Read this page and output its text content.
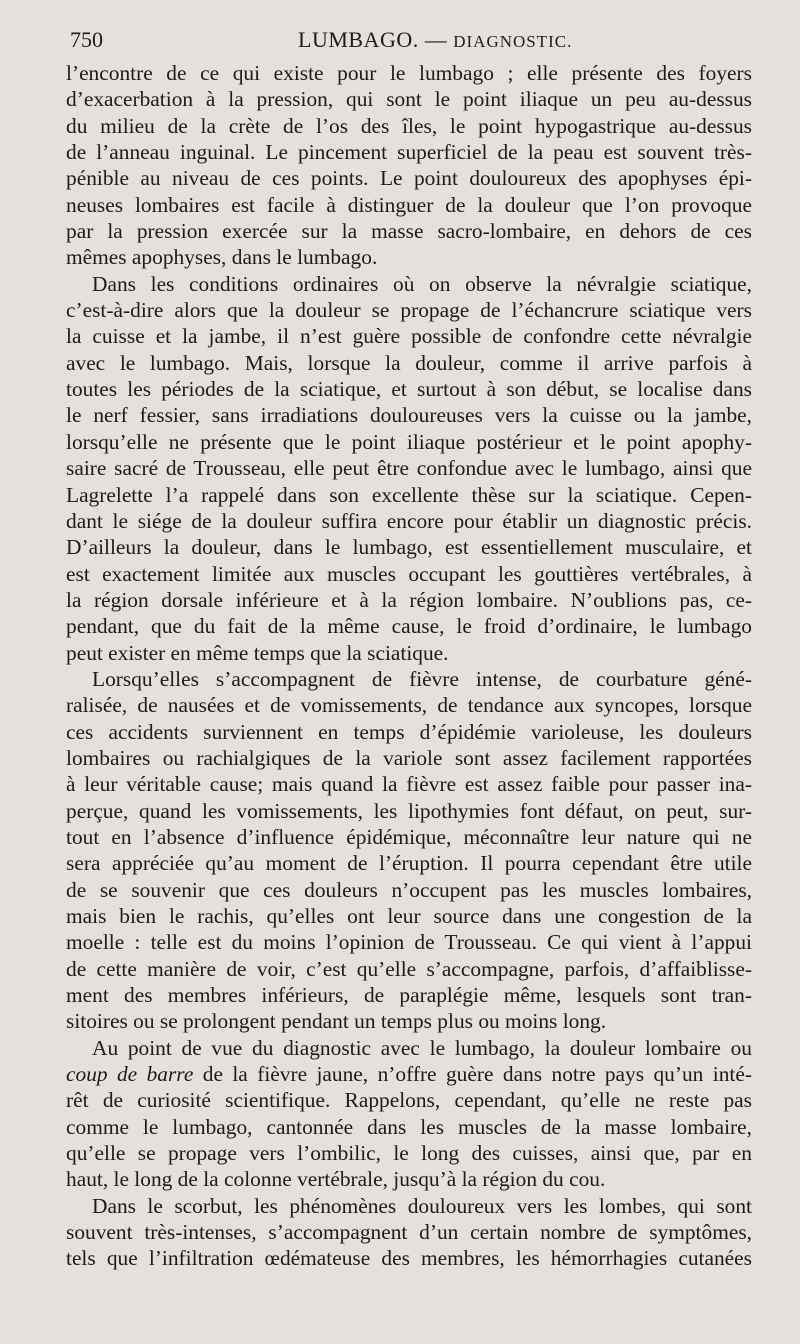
750	LUMBAGO. — DIAGNOSTIC.
l’encontre de ce qui existe pour le lumbago ; elle présente des foyers
d’exacerbation à la pression, qui sont le point iliaque un peu au-dessus
du milieu de la crète de l’os des îles, le point hypogastrique au-dessus
de l’anneau inguinal. Le pincement superficiel de la peau est souvent très-
pénible au niveau de ces points. Le point douloureux des apophyses épi-
neuses lombaires est facile à distinguer de la douleur que l’on provoque
par la pression exercée sur la masse sacro-lombaire, en dehors de ces
mêmes apophyses, dans le lumbago.
Dans les conditions ordinaires où on observe la névralgie sciatique,
c’est-à-dire alors que la douleur se propage de l’échancrure sciatique vers
la cuisse et la jambe, il n’est guère possible de confondre cette névralgie
avec le lumbago. Mais, lorsque la douleur, comme il arrive parfois à
toutes les périodes de la sciatique, et surtout à son début, se localise dans
le nerf fessier, sans irradiations douloureuses vers la cuisse ou la jambe,
lorsqu’elle ne présente que le point iliaque postérieur et le point apophy-
saire sacré de Trousseau, elle peut être confondue avec le lumbago, ainsi que
Lagrelette l’a rappelé dans son excellente thèse sur la sciatique. Cepen-
dant le siége de la douleur suffira encore pour établir un diagnostic précis.
D’ailleurs la douleur, dans le lumbago, est essentiellement musculaire, et
est exactement limitée aux muscles occupant les gouttières vertébrales, à
la région dorsale inférieure et à la région lombaire. N’oublions pas, ce-
pendant, que du fait de la même cause, le froid d’ordinaire, le lumbago
peut exister en même temps que la sciatique.
Lorsqu’elles s’accompagnent de fièvre intense, de courbature géné-
ralisée, de nausées et de vomissements, de tendance aux syncopes, lorsque
ces accidents surviennent en temps d’épidémie varioleuse, les douleurs
lombaires ou rachialgiques de la variole sont assez facilement rapportées
à leur véritable cause; mais quand la fièvre est assez faible pour passer ina-
perçue, quand les vomissements, les lipothymies font défaut, on peut, sur-
tout en l’absence d’influence épidémique, méconnaître leur nature qui ne
sera appréciée qu’au moment de l’éruption. Il pourra cependant être utile
de se souvenir que ces douleurs n’occupent pas les muscles lombaires,
mais bien le rachis, qu’elles ont leur source dans une congestion de la
moelle : telle est du moins l’opinion de Trousseau. Ce qui vient à l’appui
de cette manière de voir, c’est qu’elle s’accompagne, parfois, d’affaiblisse-
ment des membres inférieurs, de paraplégie même, lesquels sont tran-
sitoires ou se prolongent pendant un temps plus ou moins long.
Au point de vue du diagnostic avec le lumbago, la douleur lombaire ou
coup de barre de la fièvre jaune, n’offre guère dans notre pays qu’un inté-
rêt de curiosité scientifique. Rappelons, cependant, qu’elle ne reste pas
comme le lumbago, cantonnée dans les muscles de la masse lombaire,
qu’elle se propage vers l’ombilic, le long des cuisses, ainsi que, par en
haut, le long de la colonne vertébrale, jusqu’à la région du cou.
Dans le scorbut, les phénomènes douloureux vers les lombes, qui sont
souvent très-intenses, s’accompagnent d’un certain nombre de symptômes,
tels que l’infiltration œdémateuse des membres, les hémorrhagies cutanées
